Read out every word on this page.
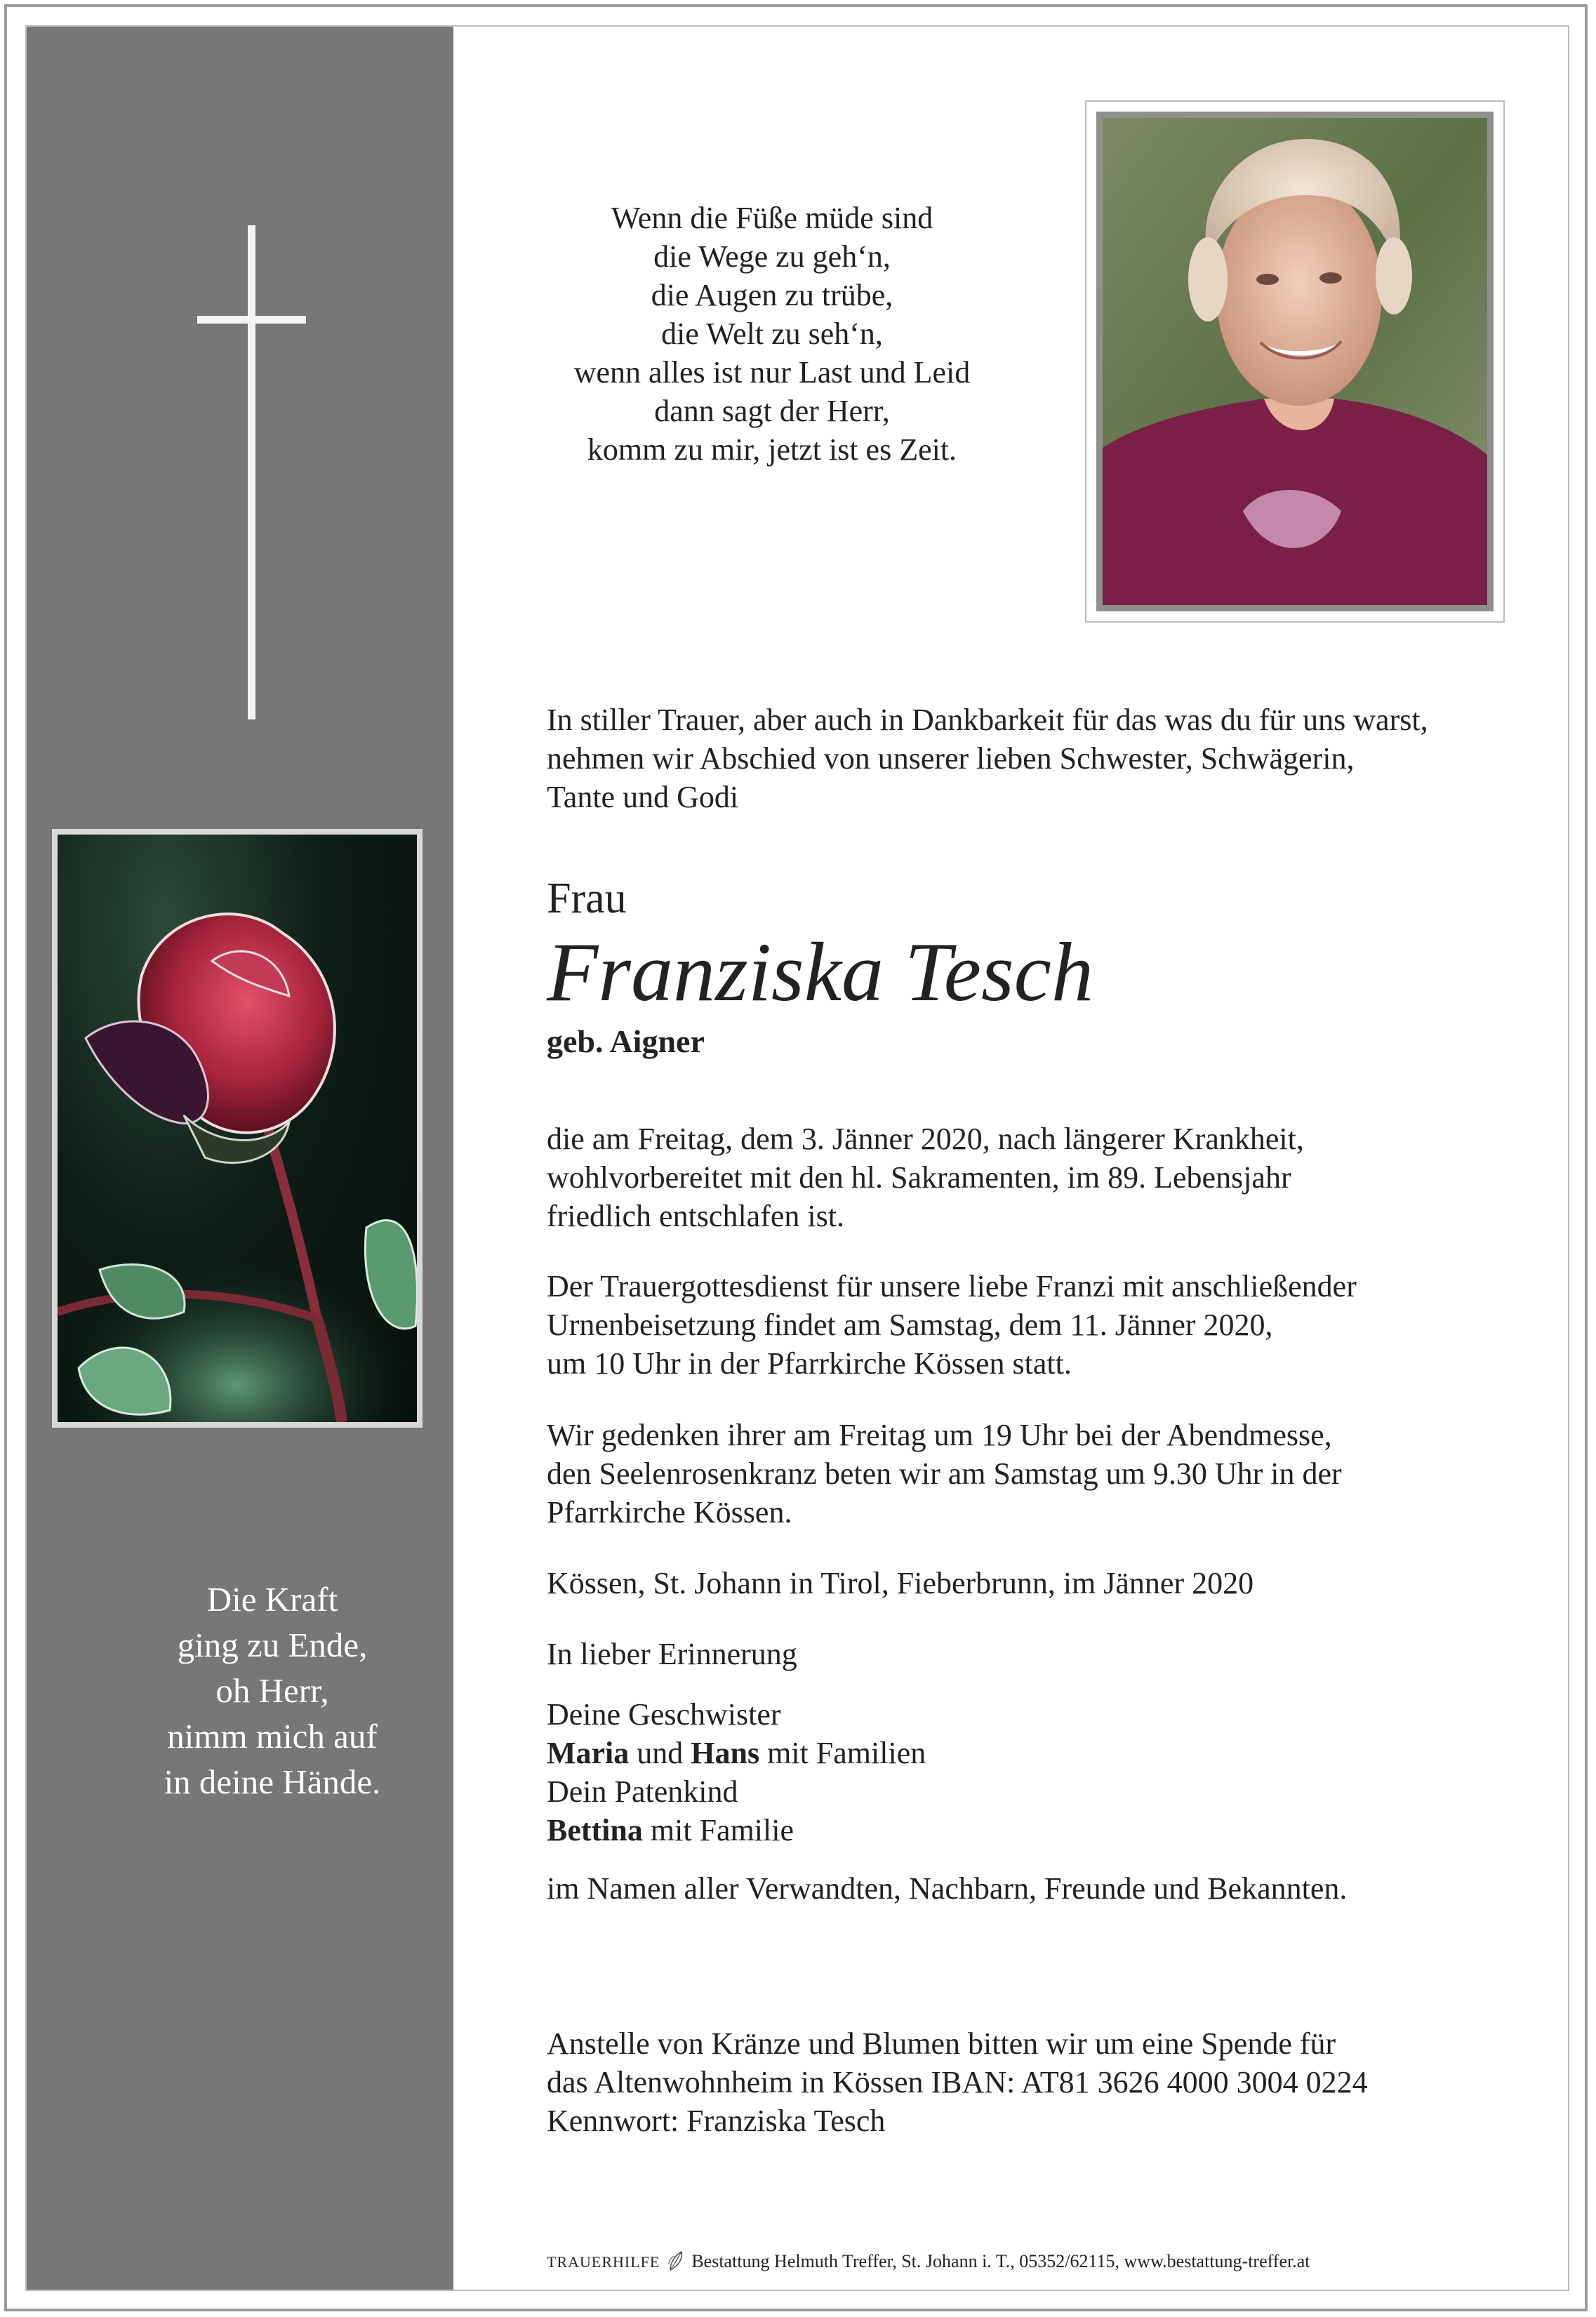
Die Kraft
ging zu Ende,
oh Herr,
nimm mich auf
in deine Hände.
Wenn die Füße müde sind
die Wege zu geh‘n,
die Augen zu trübe,
die Welt zu seh‘n,
wenn alles ist nur Last und Leid
dann sagt der Herr,
komm zu mir, jetzt ist es Zeit.
In stiller Trauer, aber auch in Dankbarkeit für das was du für uns warst,
nehmen wir Abschied von unserer lieben Schwester, Schwägerin,
Tante und Godi
Frau
Franziska Tesch
geb. Aigner
die am Freitag, dem 3. Jänner 2020, nach längerer Krankheit,
wohlvorbereitet mit den hl. Sakramenten, im 89. Lebensjahr
friedlich entschlafen ist.
Der Trauergottesdienst für unsere liebe Franzi mit anschließender
Urnenbeisetzung findet am Samstag, dem 11. Jänner 2020,
um 10 Uhr in der Pfarrkirche Kössen statt.
Wir gedenken ihrer am Freitag um 19 Uhr bei der Abendmesse,
den Seelenrosenkranz beten wir am Samstag um 9.30 Uhr in der
Pfarrkirche Kössen.
Kössen, St. Johann in Tirol, Fieberbrunn, im Jänner 2020
In lieber Erinnerung
Deine Geschwister
Maria und Hans mit Familien
Dein Patenkind
Bettina mit Familie
im Namen aller Verwandten, Nachbarn, Freunde und Bekannten.
Anstelle von Kränze und Blumen bitten wir um eine Spende für
das Altenwohnheim in Kössen IBAN: AT81 3626 4000 3004 0224
Kennwort: Franziska Tesch
TRAUERHILFE Bestattung Helmuth Treffer, St. Johann i. T., 05352/62115, www.bestattung-treffer.at
